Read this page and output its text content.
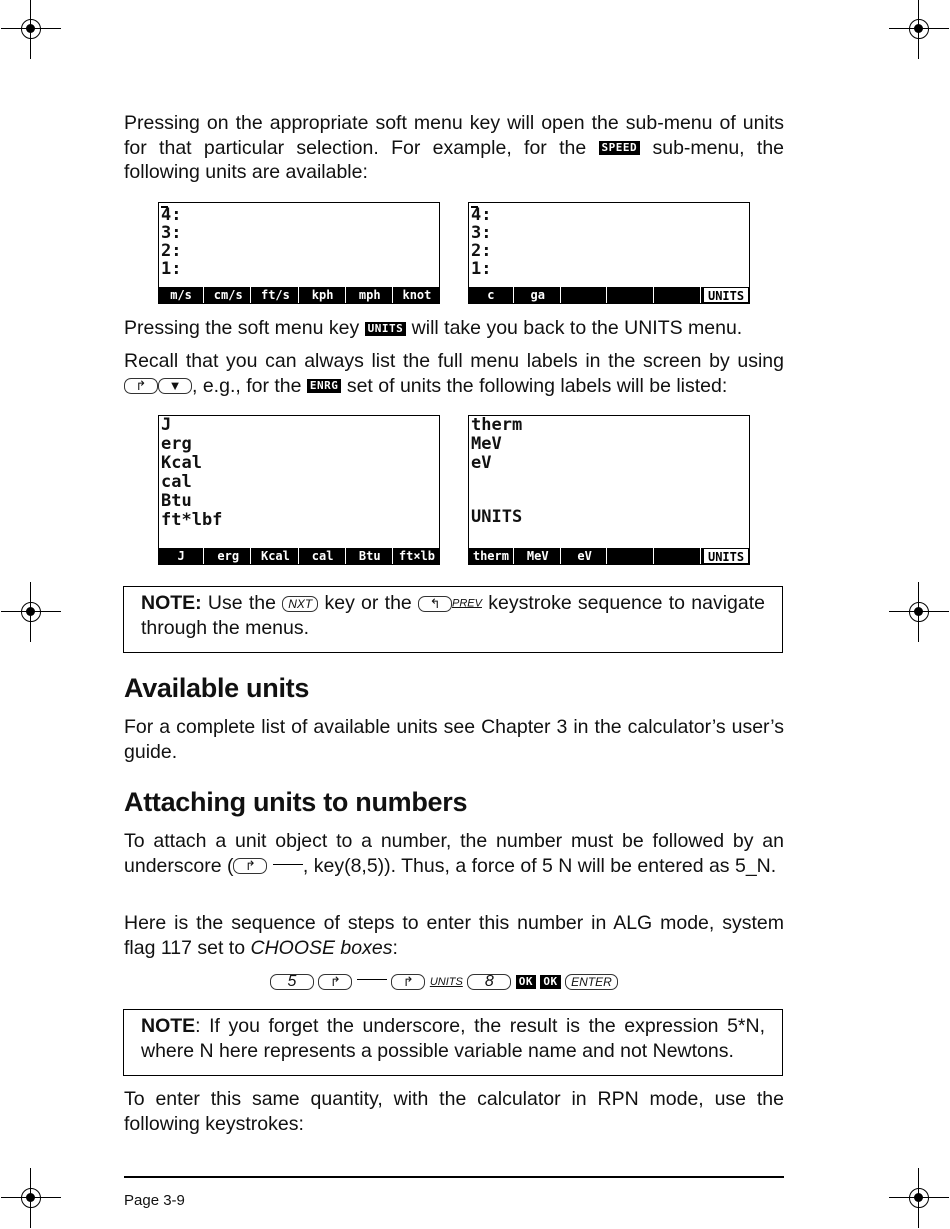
Pressing on the appropriate soft menu key will open the sub-menu of units for that particular selection. For example, for the SPEED sub-menu, the following units are available:
4:
3:
2:
1:
m/s	cm/s	ft/s	kph	mph	knot
4:
3:
2:
1:
c	ga	UNITS
Pressing the soft menu key UNITS will take you back to the UNITS menu.
Recall that you can always list the full menu labels in the screen by using ↱ ▼ , e.g., for the ENRG set of units the following labels will be listed:
J
erg
Kcal
cal
Btu
ft*lbf
J	erg	Kcal	cal	Btu	ft×lb
therm
MeV
eV
UNITS
therm	MeV	eV	UNITS
NOTE: Use the NXT key or the ↰ PREV keystroke sequence to navigate through the menus.
Available units
For a complete list of available units see Chapter 3 in the calculator’s user’s guide.
Attaching units to numbers
To attach a unit object to a number, the number must be followed by an underscore ( ↱ , key(8,5)). Thus, a force of 5 N will be entered as 5_N.
Here is the sequence of steps to enter this number in ALG mode, system flag 117 set to CHOOSE boxes:
5	↱	↱ UNITS 8 OK OK ENTER
NOTE: If you forget the underscore, the result is the expression 5*N, where N here represents a possible variable name and not Newtons.
To enter this same quantity, with the calculator in RPN mode, use the following keystrokes:
Page 3-9
